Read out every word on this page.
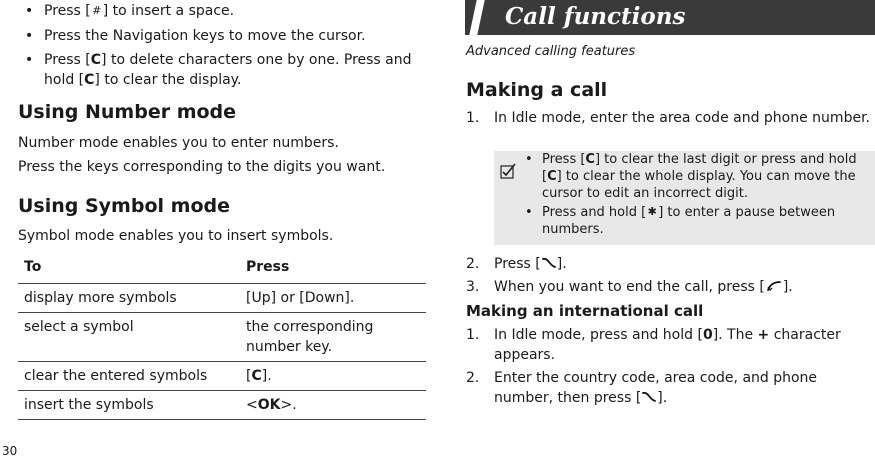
• Press [#] to insert a space.
• Press the Navigation keys to move the cursor.
• Press [C] to delete characters one by one. Press and hold [C] to clear the display.
Using Number mode
Number mode enables you to enter numbers.
Press the keys corresponding to the digits you want.
Using Symbol mode
Symbol mode enables you to insert symbols.
To	Press
display more symbols	[Up] or [Down].
select a symbol	the corresponding number key.
clear the entered symbols	[C].
insert the symbols	<OK>.
30
Call functions
Advanced calling features
Making a call
1. In Idle mode, enter the area code and phone number.
• Press [C] to clear the last digit or press and hold [C] to clear the whole display. You can move the cursor to edit an incorrect digit.
• Press and hold [✱] to enter a pause between numbers.
2. Press [ ].
3. When you want to end the call, press [ ].
Making an international call
1. In Idle mode, press and hold [0]. The + character appears.
2. Enter the country code, area code, and phone number, then press [ ].
